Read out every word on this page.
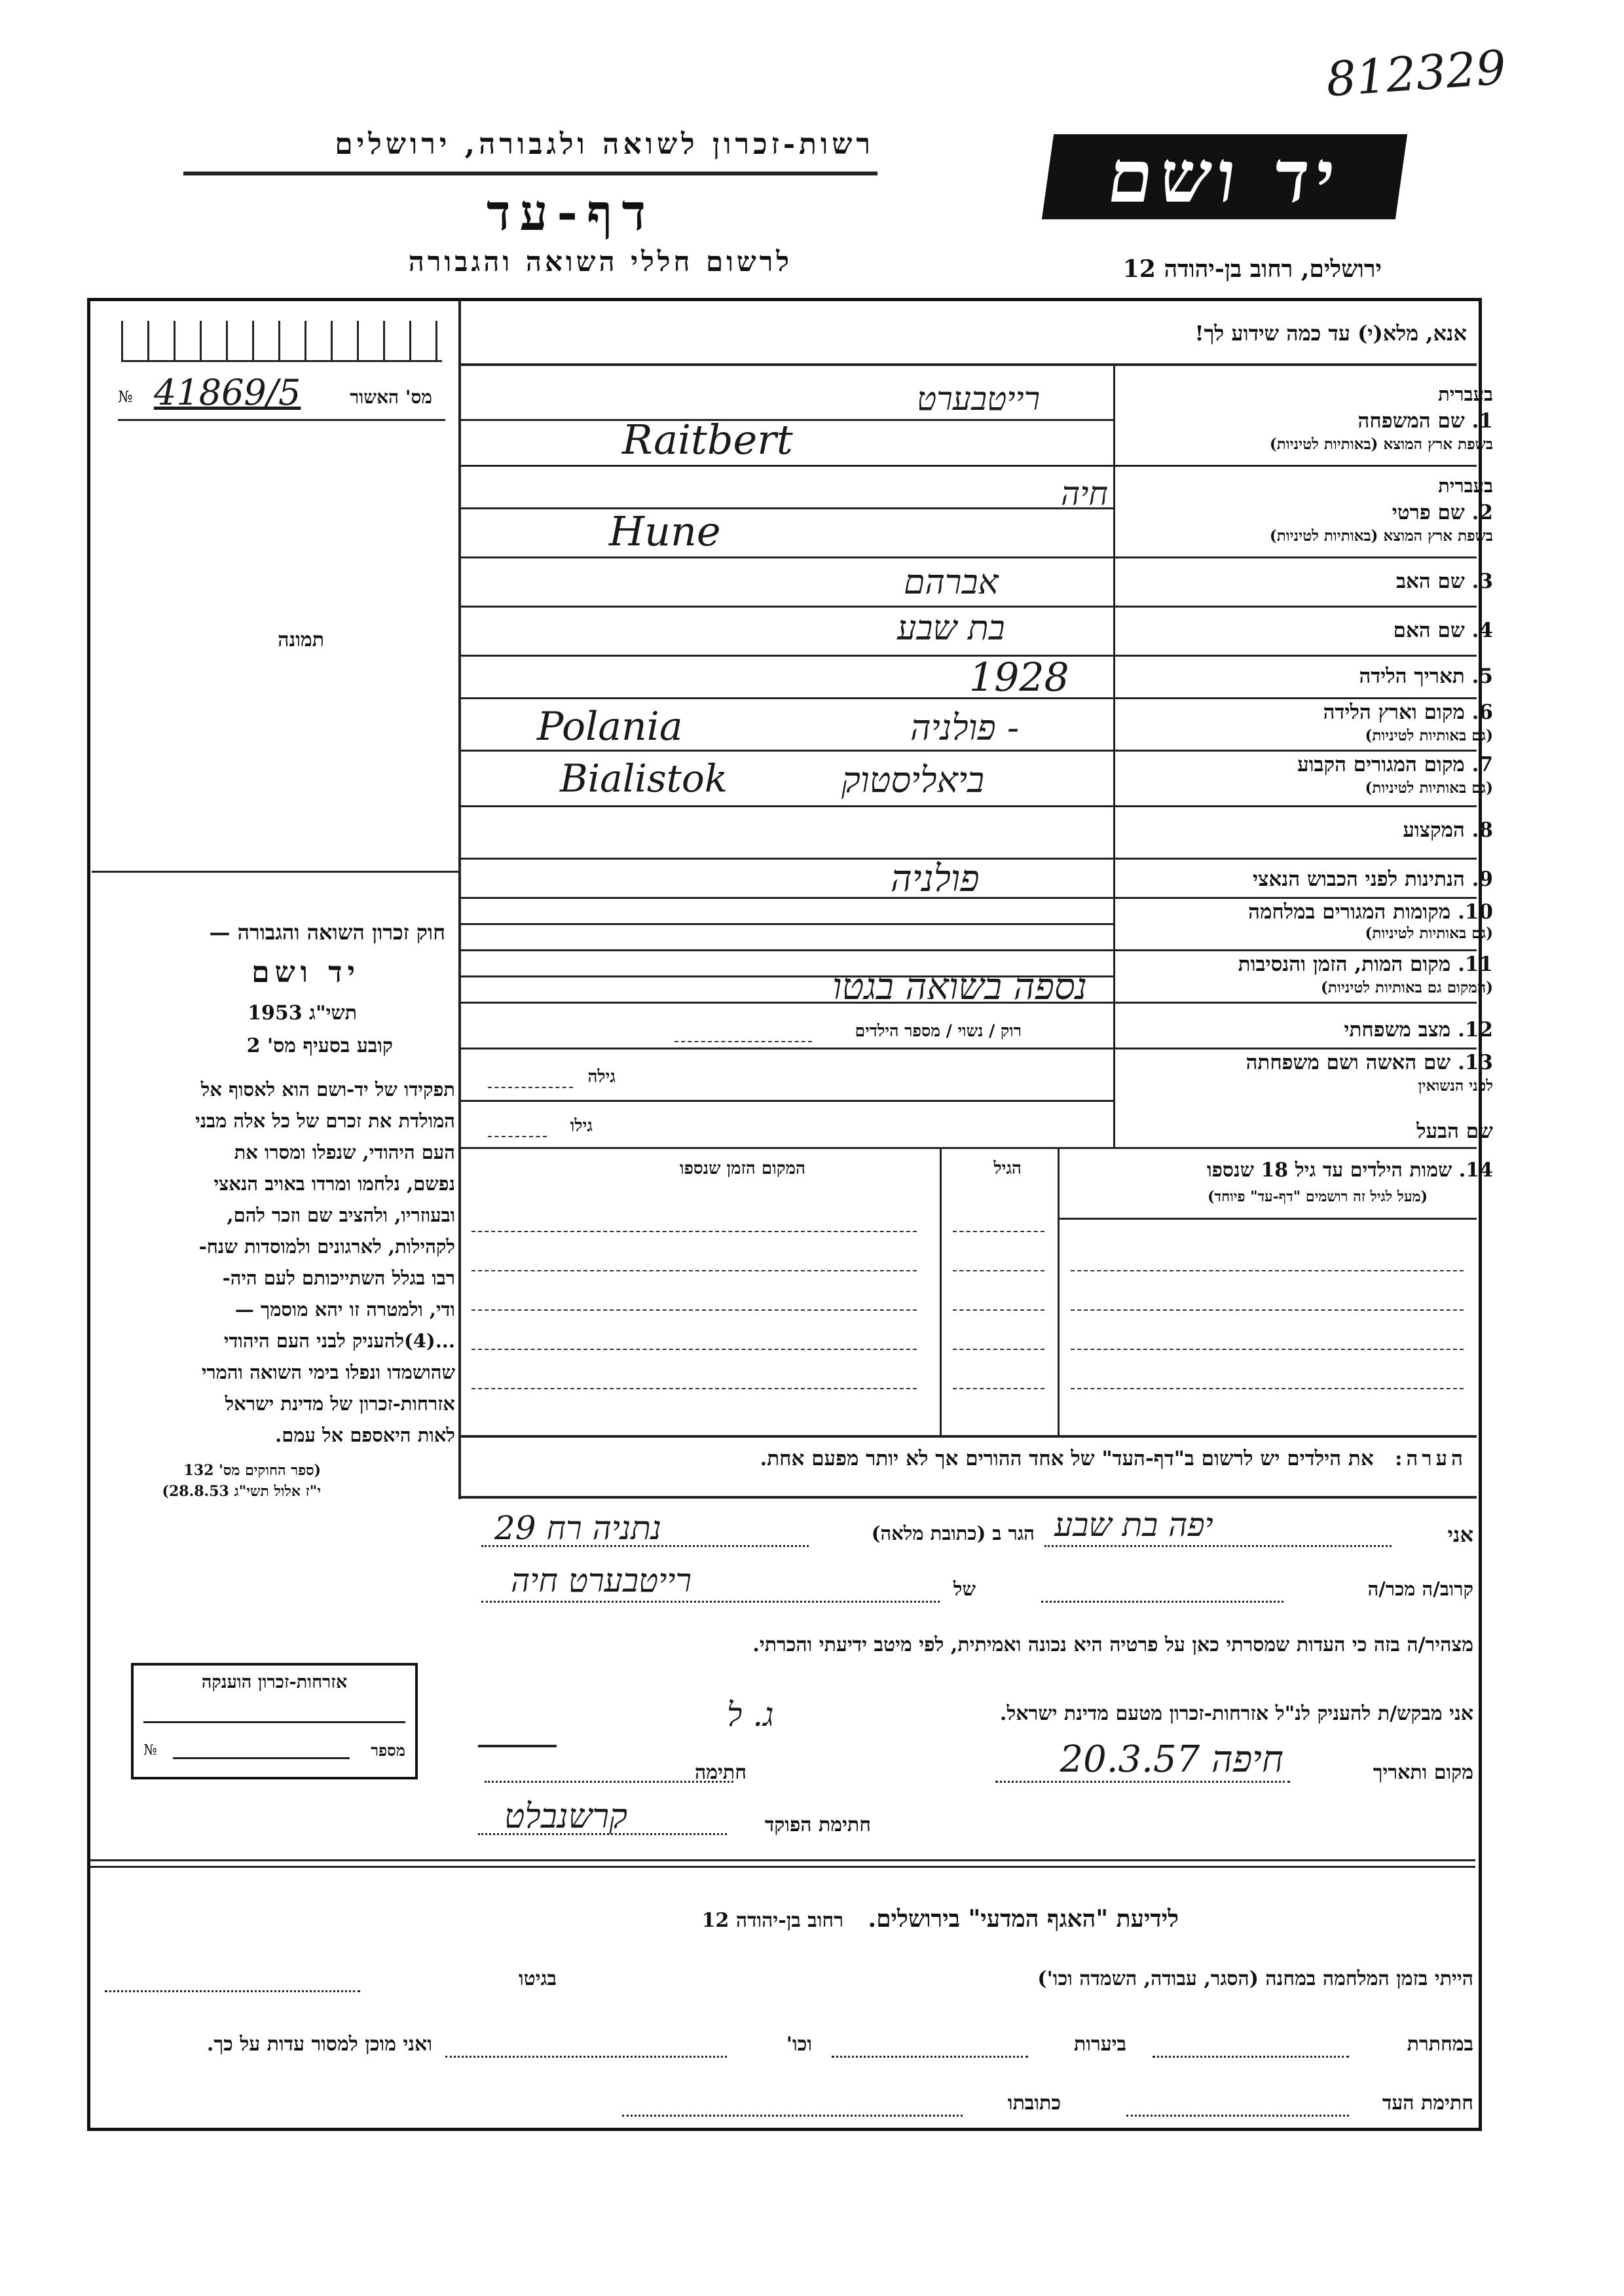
812329
רשות-זכרון לשואה ולגבורה, ירושלים
דף-עד
לרשום חללי השואה והגבורה
יד ושם
ירושלים, רחוב בן-יהודה 12
מס' האשור
№ 41869/5
תמונה
חוק זכרון השואה והגבורה —
יד ושם
תשי"ג 1953
קובע בסעיף מס' 2
תפקידו של יד-ושם הוא לאסוף אל
המולדת את זכרם של כל אלה מבני
העם היהודי, שנפלו ומסרו את
נפשם, נלחמו ומרדו באויב הנאצי
ובעוזריו, ולהציב שם וזכר להם,
לקהילות, לארגונים ולמוסדות שנח-
רבו בגלל השתייכותם לעם היה-
ודי, ולמטרה זו יהא מוסמך —
...(4)להעניק לבני העם היהודי
שהושמדו ונפלו בימי השואה והמרי
אזרחות-זכרון של מדינת ישראל
לאות היאספם אל עמם.
(ספר החוקים מס' 132
י"ז אלול תשי"ג 28.8.53)
אנא, מלא(י) עד כמה שידוע לך!
בעברית
1. שם המשפחה
בשפת ארץ המוצא (באותיות לטיניות)
רייטבערט
Raitbert
בעברית
2. שם פרטי
בשפת ארץ המוצא (באותיות לטיניות)
חיה
Hune
3. שם האב
אברהם
4. שם האם
בת שבע
5. תאריך הלידה
1928
6. מקום וארץ הלידה
(גם באותיות לטיניות)
Polania	פולניה -
7. מקום המגורים הקבוע
(גם באותיות לטיניות)
Bialistok	ביאליסטוק
8. המקצוע
9. הנתינות לפני הכבוש הנאצי
פולניה
10. מקומות המגורים במלחמה
(גם באותיות לטיניות)
11. מקום המות, הזמן והנסיבות
(המקום גם באותיות לטיניות)
נספה בשואה בגטו
12. מצב משפחתי
רוק / נשוי / מספר הילדים
13. שם האשה ושם משפחתה
לפני הנשואין
גילה
שם הבעל
גילו
14. שמות הילדים עד גיל 18 שנספו
(מעל לגיל זה רושמים "דף-עד" פיוחד)
הגיל
המקום הזמן שנספו
הערה:   את הילדים יש לרשום ב"דף-העד" של אחד ההורים אך לא יותר מפעם אחת.
אני
יפה בת שבע
הגר ב (כתובת מלאה)
נתניה רח 29
קרוב/ה מכר/ה
של
רייטבערט חיה
מצהיר/ה בזה כי העדות שמסרתי כאן על פרטיה היא נכונה ואמיתית, לפי מיטב ידיעתי והכרתי.
אזרחות-זכרון הוענקה
מספר
№
אני מבקש/ת להעניק לנ"ל אזרחות-זכרון מטעם מדינת ישראל.
ג. ל
מקום ותאריך
חיפה 20.3.57
חתימה
חתימת הפוקד
קרשנבלט
לידיעת "האגף המדעי" בירושלים.   רחוב בן-יהודה 12
הייתי בזמן המלחמה במחנה (הסגר, עבודה, השמדה וכו')
בגיטו
במחתרת
ביערות
וכו'
ואני מוכן למסור עדות על כך.
חתימת העד
כתובתו
